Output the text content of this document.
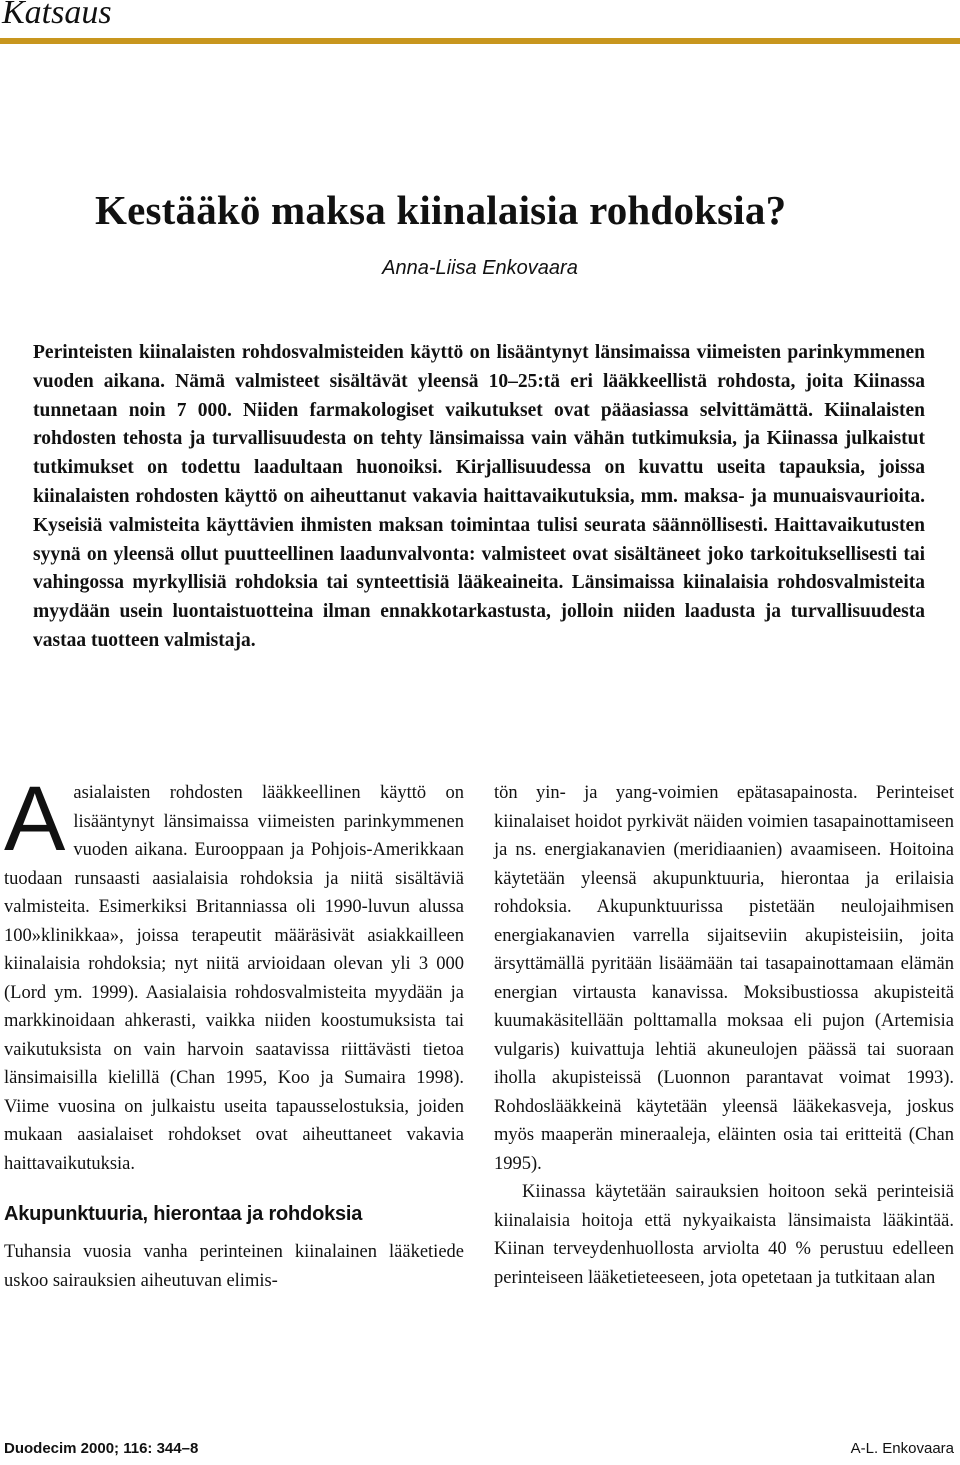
Katsaus

Kestääkö maksa kiinalaisia rohdoksia?

Anna-Liisa Enkovaara

Perinteisten kiinalaisten rohdosvalmisteiden käyttö on lisääntynyt länsimaissa viimeisten parinkymmenen vuoden aikana. Nämä valmisteet sisältävät yleensä 10–25:tä eri lääkkeellistä rohdosta, joita Kiinassa tunnetaan noin 7 000. Niiden farmakologiset vaikutukset ovat pääasiassa selvittämättä. Kiinalaisten rohdosten tehosta ja turvallisuudesta on tehty länsimaissa vain vähän tutkimuksia, ja Kiinassa julkaistut tutkimukset on todettu laadultaan huonoiksi. Kirjallisuudessa on kuvattu useita tapauksia, joissa kiinalaisten rohdosten käyttö on aiheuttanut vakavia haittavaikutuksia, mm. maksa- ja munuaisvaurioita. Kyseisiä valmisteita käyttävien ihmisten maksan toimintaa tulisi seurata säännöllisesti. Haittavaikutusten syynä on yleensä ollut puutteellinen laadunvalvonta: valmisteet ovat sisältäneet joko tarkoituksellisesti tai vahingossa myrkyllisiä rohdoksia tai synteettisiä lääkeaineita. Länsimaissa kiinalaisia rohdosvalmisteita myydään usein luontaistuotteina ilman ennakkotarkastusta, jolloin niiden laadusta ja turvallisuudesta vastaa tuotteen valmistaja.

Aasialaisten rohdosten lääkkeellinen käyttö on lisääntynyt länsimaissa viimeisten parinkymmenen vuoden aikana. Eurooppaan ja Pohjois-Amerikkaan tuodaan runsaasti aasialaisia rohdoksia ja niitä sisältäviä valmisteita. Esimerkiksi Britanniassa oli 1990-luvun alussa 100»klinikkaa», joissa terapeutit määräsivät asiakkailleen kiinalaisia rohdoksia; nyt niitä arvioidaan olevan yli 3 000 (Lord ym. 1999). Aasialaisia rohdosvalmisteita myydään ja markkinoidaan ahkerasti, vaikka niiden koostumuksista tai vaikutuksista on vain harvoin saatavissa riittävästi tietoa länsimaisilla kielillä (Chan 1995, Koo ja Sumaira 1998). Viime vuosina on julkaistu useita tapausselostuksia, joiden mukaan aasialaiset rohdokset ovat aiheuttaneet vakavia haittavaikutuksia.

Akupunktuuria, hierontaa ja rohdoksia

Tuhansia vuosia vanha perinteinen kiinalainen lääketiede uskoo sairauksien aiheutuvan elimis-

tön yin- ja yang-voimien epätasapainosta. Perinteiset kiinalaiset hoidot pyrkivät näiden voimien tasapainottamiseen ja ns. energiakanavien (meridiaanien) avaamiseen. Hoitoina käytetään yleensä akupunktuuria, hierontaa ja erilaisia rohdoksia. Akupunktuurissa pistetään neulojaihmisen energiakanavien varrella sijaitseviin akupisteisiin, joita ärsyttämällä pyritään lisäämään tai tasapainottamaan elämän energian virtausta kanavissa. Moksibustiossa akupisteitä kuumakäsitellään polttamalla moksaa eli pujon (Artemisia vulgaris) kuivattuja lehtiä akuneulojen päässä tai suoraan iholla akupisteissä (Luonnon parantavat voimat 1993). Rohdoslääkkeinä käytetään yleensä lääkekasveja, joskus myös maaperän mineraaleja, eläinten osia tai eritteitä (Chan 1995).

Kiinassa käytetään sairauksien hoitoon sekä perinteisiä kiinalaisia hoitoja että nykyaikaista länsimaista lääkintää. Kiinan terveydenhuollosta arviolta 40 % perustuu edelleen perinteiseen lääketieteeseen, jota opetetaan ja tutkitaan alan

Duodecim 2000; 116: 344–8	A-L. Enkovaara
